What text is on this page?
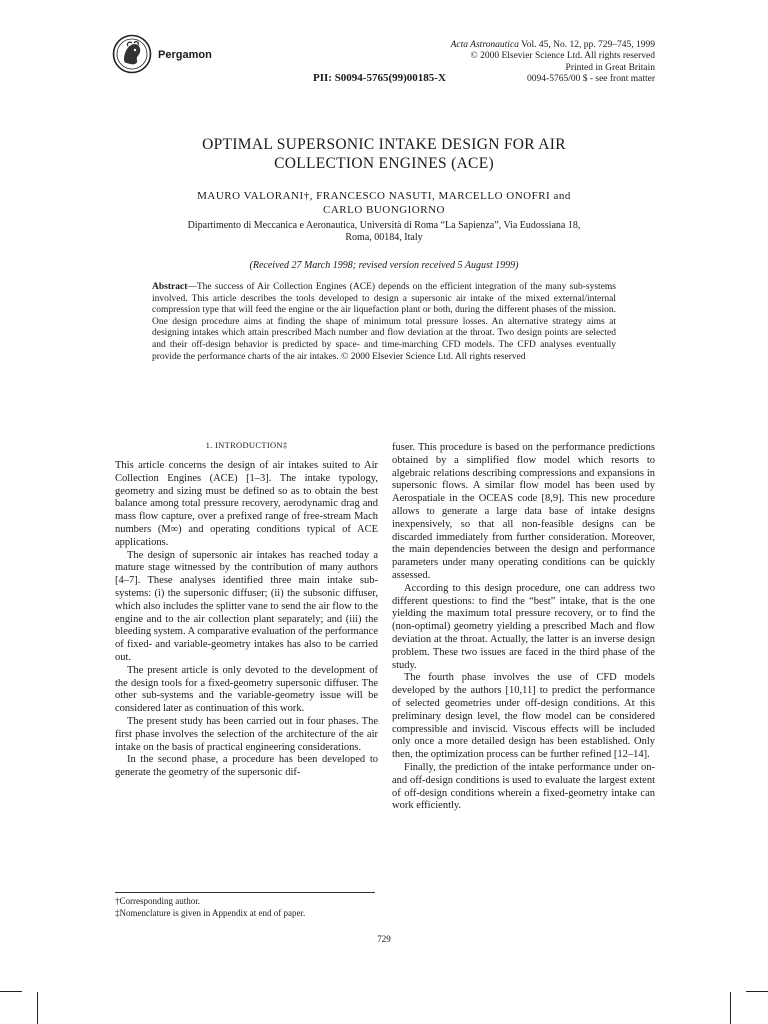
Pergamon
PII: S0094-5765(99)00185-X
Acta Astronautica Vol. 45, No. 12, pp. 729–745, 1999
© 2000 Elsevier Science Ltd. All rights reserved
Printed in Great Britain
0094-5765/00 $ - see front matter
OPTIMAL SUPERSONIC INTAKE DESIGN FOR AIR
COLLECTION ENGINES (ACE)
MAURO VALORANI†, FRANCESCO NASUTI, MARCELLO ONOFRI and
CARLO BUONGIORNO
Dipartimento di Meccanica e Aeronautica, Università di Roma “La Sapienza”, Via Eudossiana 18,
Roma, 00184, Italy
(Received 27 March 1998; revised version received 5 August 1999)
Abstract—The success of Air Collection Engines (ACE) depends on the efficient integration of the many sub-systems involved. This article describes the tools developed to design a supersonic air intake of the mixed external/internal compression type that will feed the engine or the air liquefaction plant or both, during the different phases of the mission. One design procedure aims at finding the shape of minimum total pressure losses. An alternative strategy aims at designing intakes which attain prescribed Mach number and flow deviation at the throat. Two design points are selected and their off-design behavior is predicted by space- and time-marching CFD models. The CFD analyses eventually provide the performance charts of the air intakes. © 2000 Elsevier Science Ltd. All rights reserved
1. INTRODUCTION‡

This article concerns the design of air intakes suited to Air Collection Engines (ACE) [1–3]. The intake typology, geometry and sizing must be defined so as to obtain the best balance among total pressure recovery, aerodynamic drag and mass flow capture, over a prefixed range of free-stream Mach numbers (M∞) and operating conditions typical of ACE applications.

The design of supersonic air intakes has reached today a mature stage witnessed by the contribution of many authors [4–7]. These analyses identified three main intake sub-systems: (i) the supersonic diffuser; (ii) the subsonic diffuser, which also includes the splitter vane to send the air flow to the engine and to the air collection plant separately; and (iii) the bleeding system. A comparative evaluation of the performance of fixed- and variable-geometry intakes has also to be carried out.

The present article is only devoted to the development of the design tools for a fixed-geometry supersonic diffuser. The other sub-systems and the variable-geometry issue will be considered later as continuation of this work.

The present study has been carried out in four phases. The first phase involves the selection of the architecture of the air intake on the basis of practical engineering considerations.

In the second phase, a procedure has been developed to generate the geometry of the supersonic dif-

fuser. This procedure is based on the performance predictions obtained by a simplified flow model which resorts to algebraic relations describing compressions and expansions in supersonic flows. A similar flow model has been used by Aerospatiale in the OCEAS code [8,9]. This new procedure allows to generate a large data base of intake designs inexpensively, so that all non-feasible designs can be discarded immediately from further consideration. Moreover, the main dependencies between the design and performance parameters under many operating conditions can be quickly assessed.

According to this design procedure, one can address two different questions: to find the “best” intake, that is the one yielding the maximum total pressure recovery, or to find the (non-optimal) geometry yielding a prescribed Mach and flow deviation at the throat. Actually, the latter is an inverse design problem. These two issues are faced in the third phase of the study.

The fourth phase involves the use of CFD models developed by the authors [10,11] to predict the performance of selected geometries under off-design conditions. At this preliminary design level, the flow model can be considered compressible and inviscid. Viscous effects will be included only once a more detailed design has been established. Only then, the optimization process can be further refined [12–14].

Finally, the prediction of the intake performance under on- and off-design conditions is used to evaluate the largest extent of off-design conditions wherein a fixed-geometry intake can work efficiently.

†Corresponding author.
‡Nomenclature is given in Appendix at end of paper.
729
